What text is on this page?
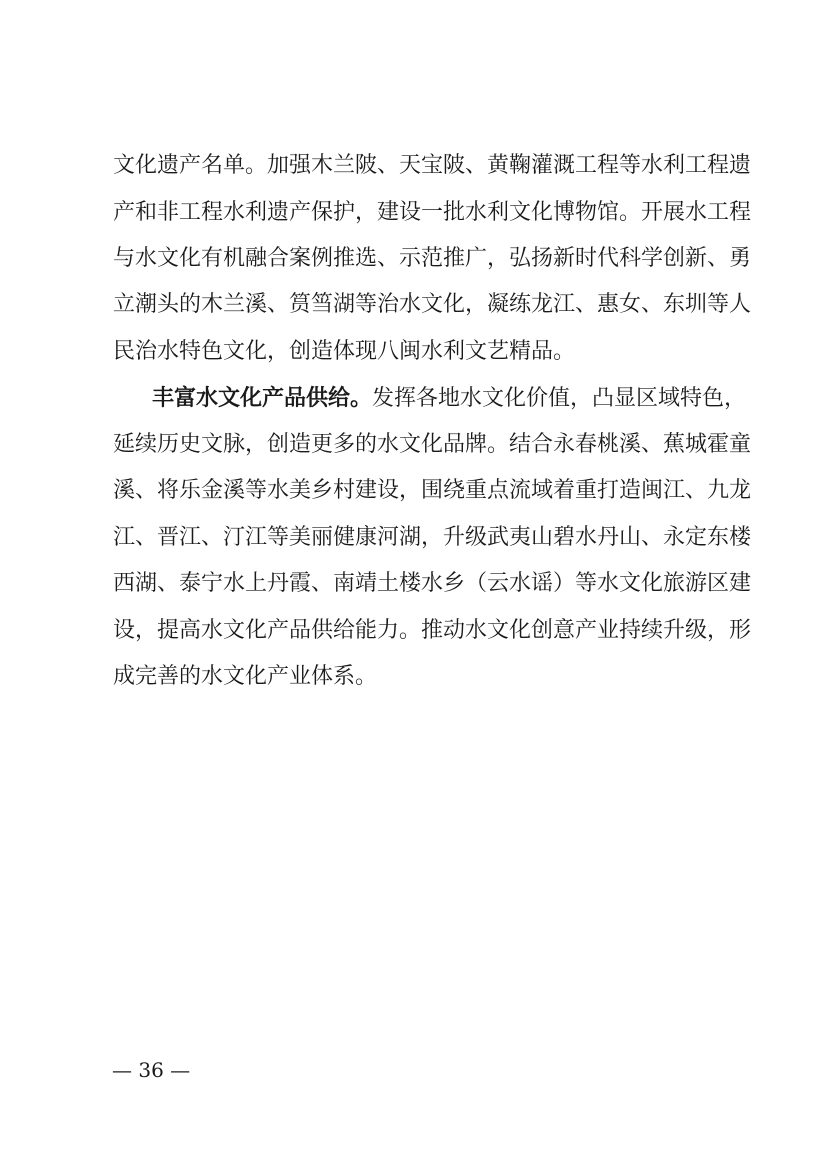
文化遗产名单。加强木兰陂、天宝陂、黄鞠灌溉工程等水利工程遗
产和非工程水利遗产保护，建设一批水利文化博物馆。开展水工程
与水文化有机融合案例推选、示范推广，弘扬新时代科学创新、勇
立潮头的木兰溪、筼筜湖等治水文化，凝练龙江、惠女、东圳等人
民治水特色文化，创造体现八闽水利文艺精品。
丰富水文化产品供给。发挥各地水文化价值，凸显区域特色，
延续历史文脉，创造更多的水文化品牌。结合永春桃溪、蕉城霍童
溪、将乐金溪等水美乡村建设，围绕重点流域着重打造闽江、九龙
江、晋江、汀江等美丽健康河湖，升级武夷山碧水丹山、永定东楼
西湖、泰宁水上丹霞、南靖土楼水乡（云水谣）等水文化旅游区建
设，提高水文化产品供给能力。推动水文化创意产业持续升级，形
成完善的水文化产业体系。
— 36 —
